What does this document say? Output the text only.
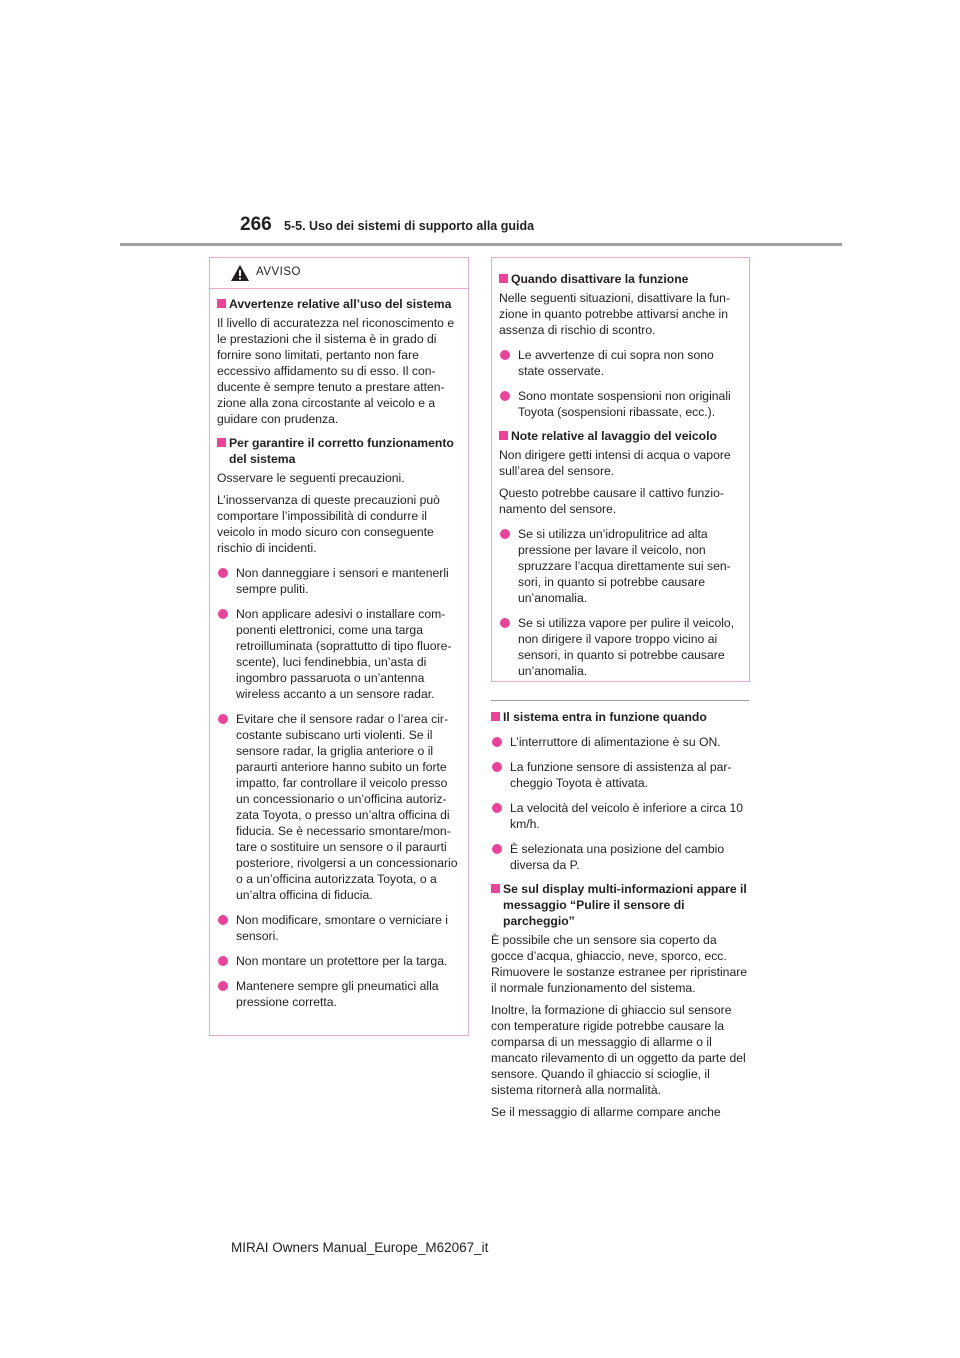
266 5-5. Uso dei sistemi di supporto alla guida
AVVISO
Avvertenze relative all’uso del sistema
Il livello di accuratezza nel riconoscimento e le prestazioni che il sistema è in grado di fornire sono limitati, pertanto non fare eccessivo affidamento su di esso. Il conducente è sempre tenuto a prestare attenzione alla zona circostante al veicolo e a guidare con prudenza.
Per garantire il corretto funzionamento del sistema
Osservare le seguenti precauzioni.
L’inosservanza di queste precauzioni può comportare l’impossibilità di condurre il veicolo in modo sicuro con conseguente rischio di incidenti.
Non danneggiare i sensori e mantenerli sempre puliti.
Non applicare adesivi o installare componenti elettronici, come una targa retroilluminata (soprattutto di tipo fluorescente), luci fendinebbia, un’asta di ingombro passaruota o un’antenna wireless accanto a un sensore radar.
Evitare che il sensore radar o l’area circostante subiscano urti violenti. Se il sensore radar, la griglia anteriore o il paraurti anteriore hanno subito un forte impatto, far controllare il veicolo presso un concessionario o un’officina autorizzata Toyota, o presso un’altra officina di fiducia. Se è necessario smontare/montare o sostituire un sensore o il paraurti posteriore, rivolgersi a un concessionario o a un’officina autorizzata Toyota, o a un’altra officina di fiducia.
Non modificare, smontare o verniciare i sensori.
Non montare un protettore per la targa.
Mantenere sempre gli pneumatici alla pressione corretta.
Quando disattivare la funzione
Nelle seguenti situazioni, disattivare la funzione in quanto potrebbe attivarsi anche in assenza di rischio di scontro.
Le avvertenze di cui sopra non sono state osservate.
Sono montate sospensioni non originali Toyota (sospensioni ribassate, ecc.).
Note relative al lavaggio del veicolo
Non dirigere getti intensi di acqua o vapore sull’area del sensore.
Questo potrebbe causare il cattivo funzionamento del sensore.
Se si utilizza un’idropulitrice ad alta pressione per lavare il veicolo, non spruzzare l’acqua direttamente sui sensori, in quanto si potrebbe causare un’anomalia.
Se si utilizza vapore per pulire il veicolo, non dirigere il vapore troppo vicino ai sensori, in quanto si potrebbe causare un’anomalia.
Il sistema entra in funzione quando
L’interruttore di alimentazione è su ON.
La funzione sensore di assistenza al parcheggio Toyota è attivata.
La velocità del veicolo è inferiore a circa 10 km/h.
È selezionata una posizione del cambio diversa da P.
Se sul display multi-informazioni appare il messaggio “Pulire il sensore di parcheggio”
È possibile che un sensore sia coperto da gocce d’acqua, ghiaccio, neve, sporco, ecc. Rimuovere le sostanze estranee per ripristinare il normale funzionamento del sistema.
Inoltre, la formazione di ghiaccio sul sensore con temperature rigide potrebbe causare la comparsa di un messaggio di allarme o il mancato rilevamento di un oggetto da parte del sensore. Quando il ghiaccio si scioglie, il sistema ritornerà alla normalità.
Se il messaggio di allarme compare anche
MIRAI Owners Manual_Europe_M62067_it
